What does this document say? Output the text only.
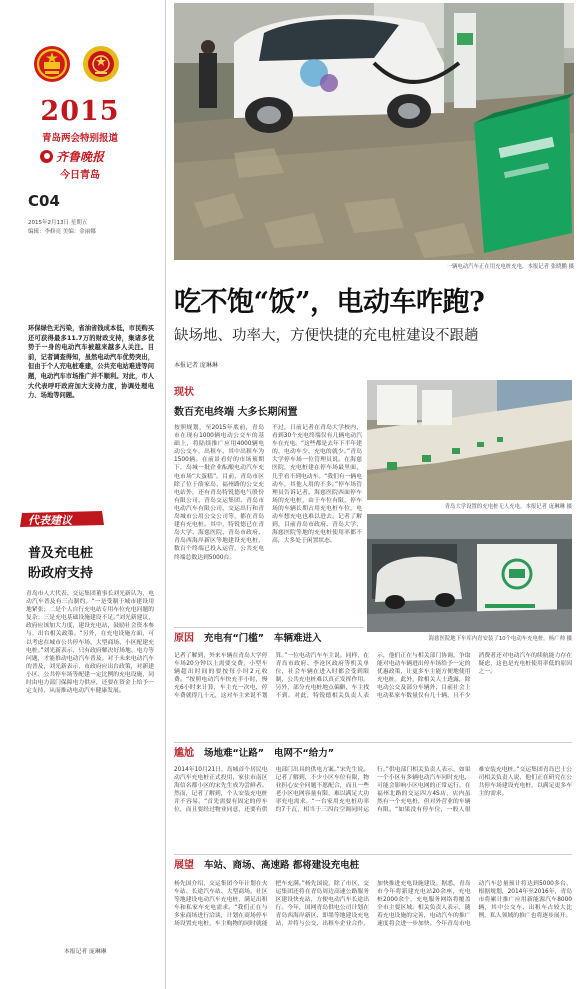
2015
青岛两会特别报道
齐鲁晚报
今日青岛
C04
2015年2月13日 星期五
编辑：李修亮 美编：金丽娜
环保绿色无污染，省油省钱成本低，市民购买还可获得最多11.7万的财政支持，集诸多优势于一身的电动汽车被越来越多人关注。目前，记者调查得知，虽然电动汽车优势突出，但由于个人充电桩难建，公共充电站难进等问题，电动汽车市场推广并不顺利。对此，市人大代表呼吁政府加大支持力度，协调处理电力、场地等问题。
代表建议
普及充电桩
盼政府支持
青岛市人大代表、交运集团董事长刘光新认为，电动汽车普及有三点制约。“一是受制于城市建设用地紧张；二是个人自行充电站专用车位充电问题的复杂；三是充电基础设施建设不足。”刘光新建议，政府应该加大力度，建设充电站，鼓励社会资本参与，出台相关政策。“另外，在充电设施方面，可以考虑在城市公共停车场、大型商场、小区配建充电桩。”刘光新表示，只有政府解决好场地、电力等问题，才能推动电动汽车普及。对于未来电动汽车的普及，刘光新表示，市政府应出台政策，对新建小区、公共停车场等配建一定比例的充电设施，同时由电力部门保障电力供应，还要在资金上给予一定支持，从而推动电动汽车健康发展。
本报记者 庞琳琳
一辆电动汽车正在用充电桩充电。本报记者 张晓鹏 摄
吃不饱“饭”，电动车咋跑?
缺场地、功率大，方便快捷的充电桩建设不跟趟
本报记者 庞琳琳
现状
数百充电终端 大多长期闲置
按照规划，至2015年底前，青岛市在现有1000辆电动公交车的基础上，将陆续推广应用4000辆电动公交车，出租车、其中出租车为1500辆。在前景看好的市场预期下，岛城一批企业酝酿电动汽车充电市场“大蛋糕”。目前，青岛市区除了位于薛家岛、福州路的公交充电站外，还有青岛特锐德电气股份有限公司、青岛交运集团、青岛市电动汽车有限公司、交运出行和青岛城市公用公交公司等，都在青岛建有充电桩。其中，特锐德已在青岛大学、海慈医院、青岛市政府、青岛西海岸新区等地建设充电桩，数百个终端已投入运营，公共充电终端总数达到5000台。
不过，日前记者在青岛大学校内，看到30个充电终端仅有几辆电动汽车在充电。“这些都是去年下半年建的，电动车少，充电的就少。”青岛大学停车场一位管理员说。在海慈医院，充电桩建在停车场最里面，几乎看不到电动车。“我们有一辆电动车，其他人用的不多。”停车场管理员告诉记者。海慈医院西面停车场的充电桩，由于车位有限，停车场的车辆长期占用充电桩车位，电动车想充电也难以进去。记者了解到，目前青岛市政府、青岛大学、海慈医院等地的充电桩使用率都不高，大多处于闲置状态。
青岛大学设置的充电桩无人充电。本报记者 庞琳琳 摄
海慈医院地下车库内青安装了10个电动车充电桩。杨广帅 摄
原因 充电有“门槛” 车辆难进入
记者了解到，外来车辆在青岛大学停车场20分钟以上需要交费，小型车辆超出时间的要按每小时2元收费。“按照电动汽车快充半小时，慢充6小时来计算，车主充一次电，停车费就得几十元，这对车主来说不划算。”一位电动汽车车主说。同样，在青岛市政府、李沧区政府等机关单位，社会车辆在进入时都会受到限制，公共充电桩难以真正发挥作用。另外，部分充电桩地点偏僻，车主找不到。对此，特锐德相关负责人表示，他们正在与相关部门协调，争取能对电动车辆进出停车场给予一定的优惠政策，让更多车主能方便地使用充电桩。此外，除相关人士透露，除电动公交及部分车辆外，目前社会上电动私家车数量仅有几十辆，且不少消费者还对电动汽车的续航能力存在疑虑，这也是充电桩使用率低的原因之一。
尴尬 场地难“让路” 电网不“给力”
2014年10月21日，岛城首个居民电动汽车充电桩正式投用，家住市南区海信名都小区的宋先生成为尝鲜者。然而，记者了解到，个人安装充电桩并不容易。“首先需要有固定的停车位，而且要经过物业同意，还要有供电部门出具的供电方案。”宋先生说。记者了解到，不少小区车位有限，物业担心安全问题不愿配合，而且一些老小区电网容量有限，难以满足大功率充电需求。“一台家用充电桩功率约7千瓦，相当于三四台空调同时运行。”供电部门相关负责人表示，如果一个小区有多辆电动汽车同时充电，可能会影响小区电网的正常运行。在福州北路的交运四方4S店，店内虽然有一个充电桩，但对外营业的车辆有限。“如果没有停车位，一般人很难安装充电桩。”交运集团青岛巴士公司相关负责人说，他们正在研究在公共停车场建设充电桩，以满足更多车主的需求。
展望 车站、商场、高速路 都将建设充电桩
杨先国介绍，交运集团今年计划在火车站、长途汽车站、大型商场、社区等地建设电动汽车充电桩，满足出租车和私家车充电需求。“我们正在与多家商场进行洽谈，计划在商场停车场设置充电桩，车主购物的同时就能把车充满。”杨先国说，除了市区，交运集团还将在青岛周边高速公路服务区建设快充站，方便电动汽车长途出行。今年，国网青岛供电公司计划在青岛西海岸新区、即墨等地建设充电站，并将与公交、出租车企业合作，加快推进充电设施建设。据悉，青岛市今年将新建充电站20余座，充电桩2000余个，充电服务网络将覆盖全市主要区域。相关负责人表示，随着充电设施的完善，电动汽车的推广速度将会进一步加快。今年青岛市电动汽车总量预计将达到5000多台，根据规划，2014年至2016年，青岛市将累计推广应用新能源汽车8000辆，其中公交车、出租车占较大比例，私人领域的推广也将逐步展开。
